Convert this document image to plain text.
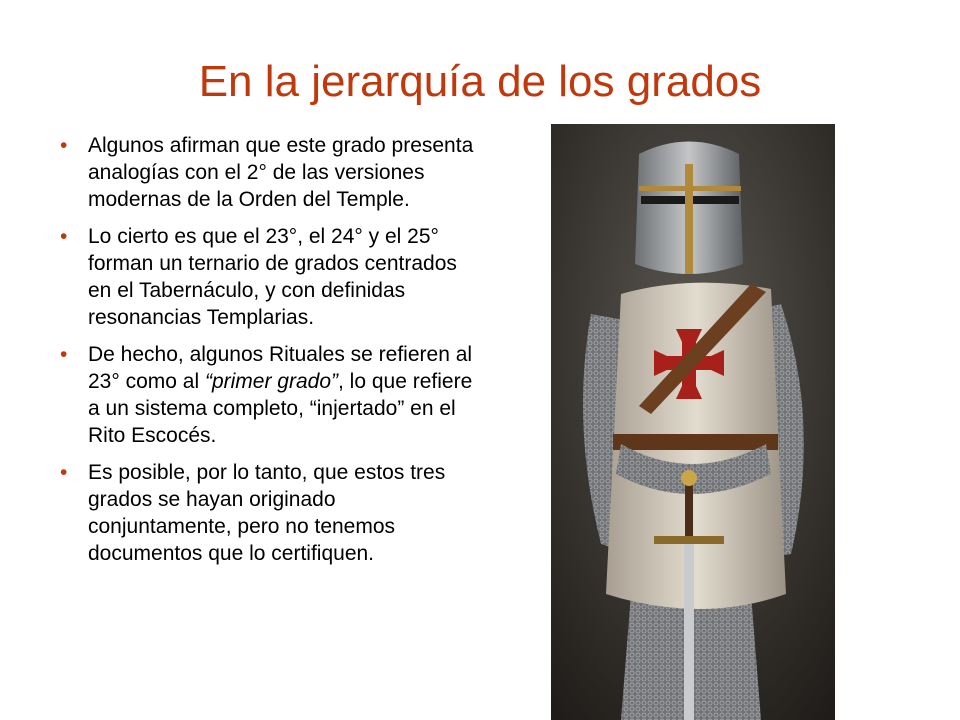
En la jerarquía de los grados
• Algunos afirman que este grado presenta analogías con el 2° de las versiones modernas de la Orden del Temple.
• Lo cierto es que el 23°, el 24° y el 25° forman un ternario de grados centrados en el Tabernáculo, y con definidas resonancias Templarias.
• De hecho, algunos Rituales se refieren al 23° como al “primer grado”, lo que refiere a un sistema completo, “injertado” en el Rito Escocés.
• Es posible, por lo tanto, que estos tres grados se hayan originado conjuntamente, pero no tenemos documentos que lo certifiquen.
